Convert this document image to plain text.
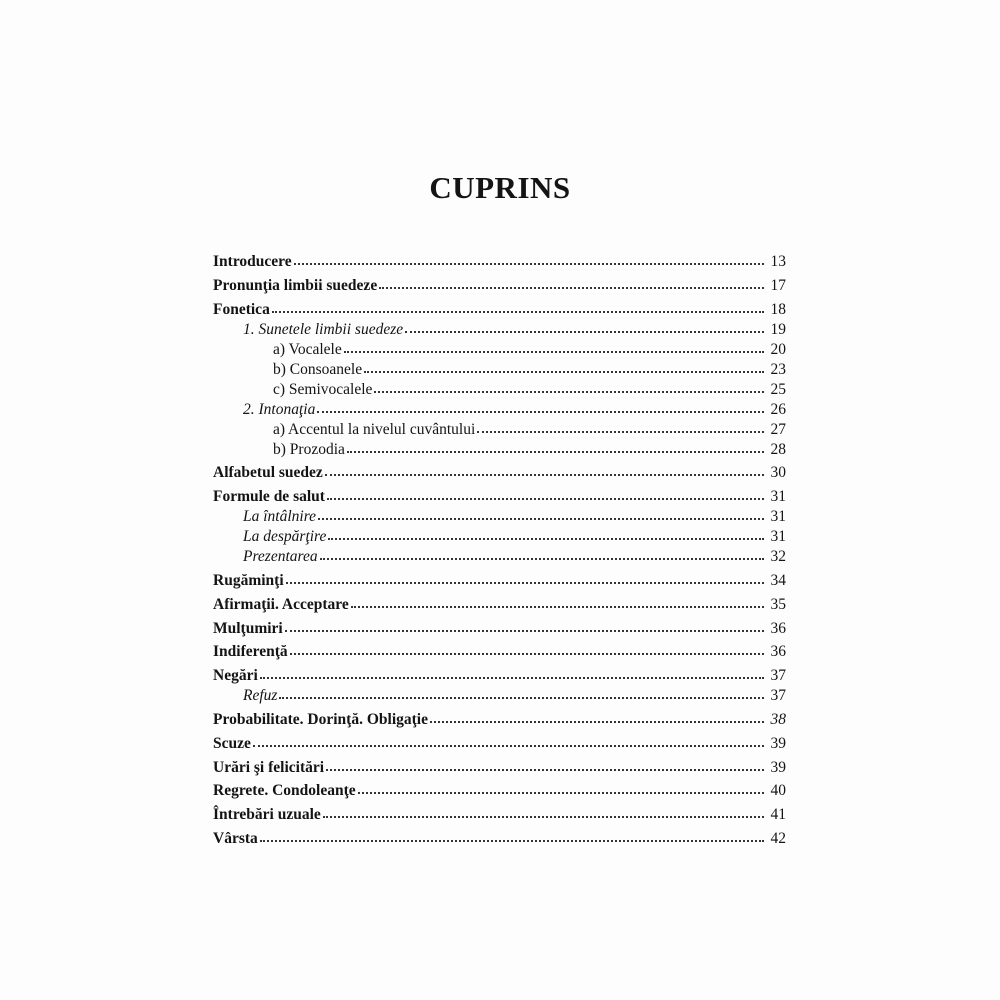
CUPRINS
Introducere	13
Pronunţia limbii suedeze	17
Fonetica	18
1. Sunetele limbii suedeze	19
a) Vocalele	20
b) Consoanele	23
c) Semivocalele	25
2. Intonaţia	26
a) Accentul la nivelul cuvântului	27
b) Prozodia	28
Alfabetul suedez	30
Formule de salut	31
La întâlnire	31
La despărţire	31
Prezentarea	32
Rugăminţi	34
Afirmaţii. Acceptare	35
Mulţumiri	36
Indiferenţă	36
Negări	37
Refuz	37
Probabilitate. Dorinţă. Obligaţie	38
Scuze	39
Urări şi felicitări	39
Regrete. Condoleanţe	40
Întrebări uzuale	41
Vârsta	42
